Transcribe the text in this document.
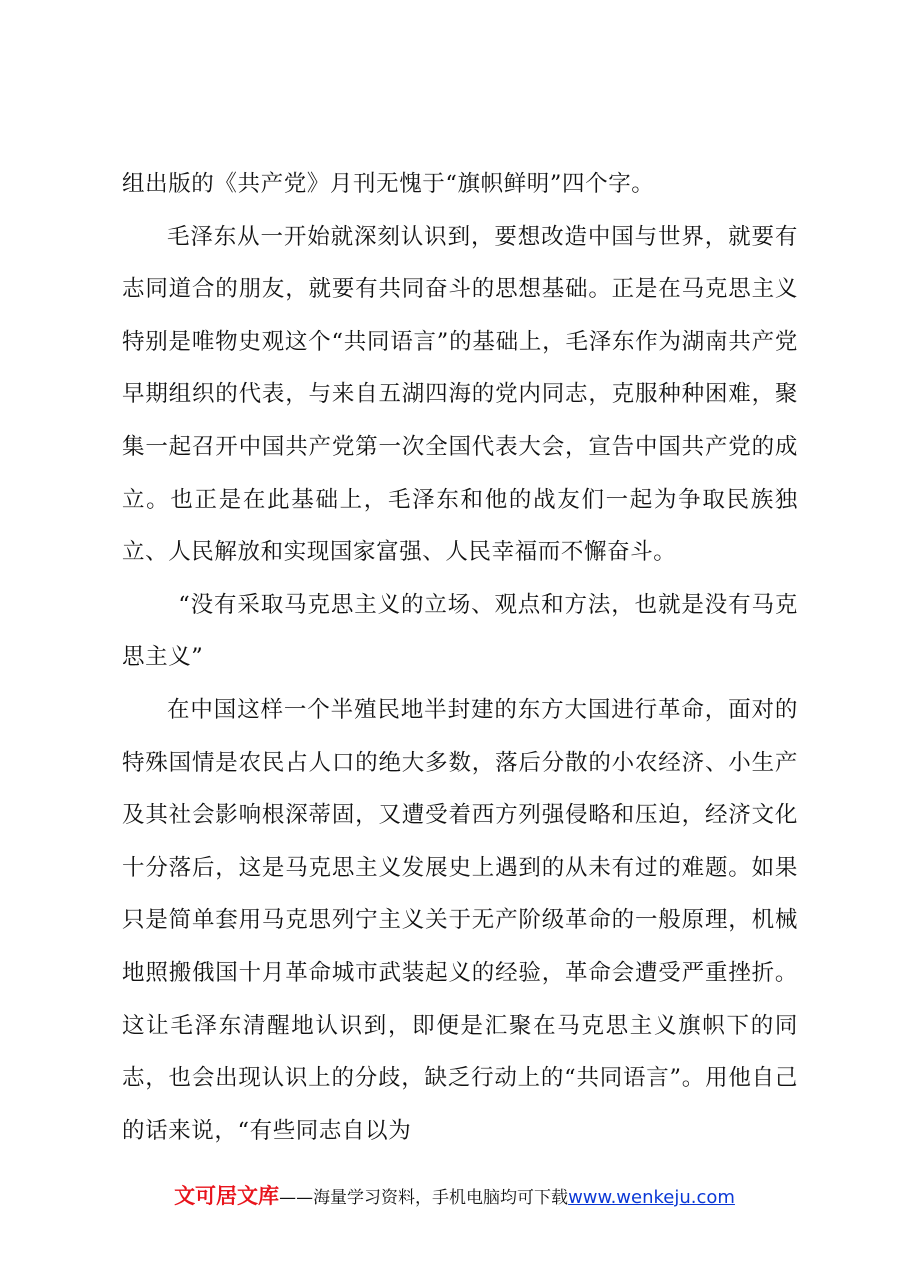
组出版的《共产党》月刊无愧于“旗帜鲜明”四个字。

毛泽东从一开始就深刻认识到，要想改造中国与世界，就要有志同道合的朋友，就要有共同奋斗的思想基础。正是在马克思主义特别是唯物史观这个“共同语言”的基础上，毛泽东作为湖南共产党早期组织的代表，与来自五湖四海的党内同志，克服种种困难，聚集一起召开中国共产党第一次全国代表大会，宣告中国共产党的成立。也正是在此基础上，毛泽东和他的战友们一起为争取民族独立、人民解放和实现国家富强、人民幸福而不懈奋斗。

“没有采取马克思主义的立场、观点和方法，也就是没有马克思主义”

在中国这样一个半殖民地半封建的东方大国进行革命，面对的特殊国情是农民占人口的绝大多数，落后分散的小农经济、小生产及其社会影响根深蒂固，又遭受着西方列强侵略和压迫，经济文化十分落后，这是马克思主义发展史上遇到的从未有过的难题。如果只是简单套用马克思列宁主义关于无产阶级革命的一般原理，机械地照搬俄国十月革命城市武装起义的经验，革命会遭受严重挫折。这让毛泽东清醒地认识到，即便是汇聚在马克思主义旗帜下的同志，也会出现认识上的分歧，缺乏行动上的“共同语言”。用他自己的话来说，“有些同志自以为

文可居文库——海量学习资料，手机电脑均可下载www.wenkeju.com
